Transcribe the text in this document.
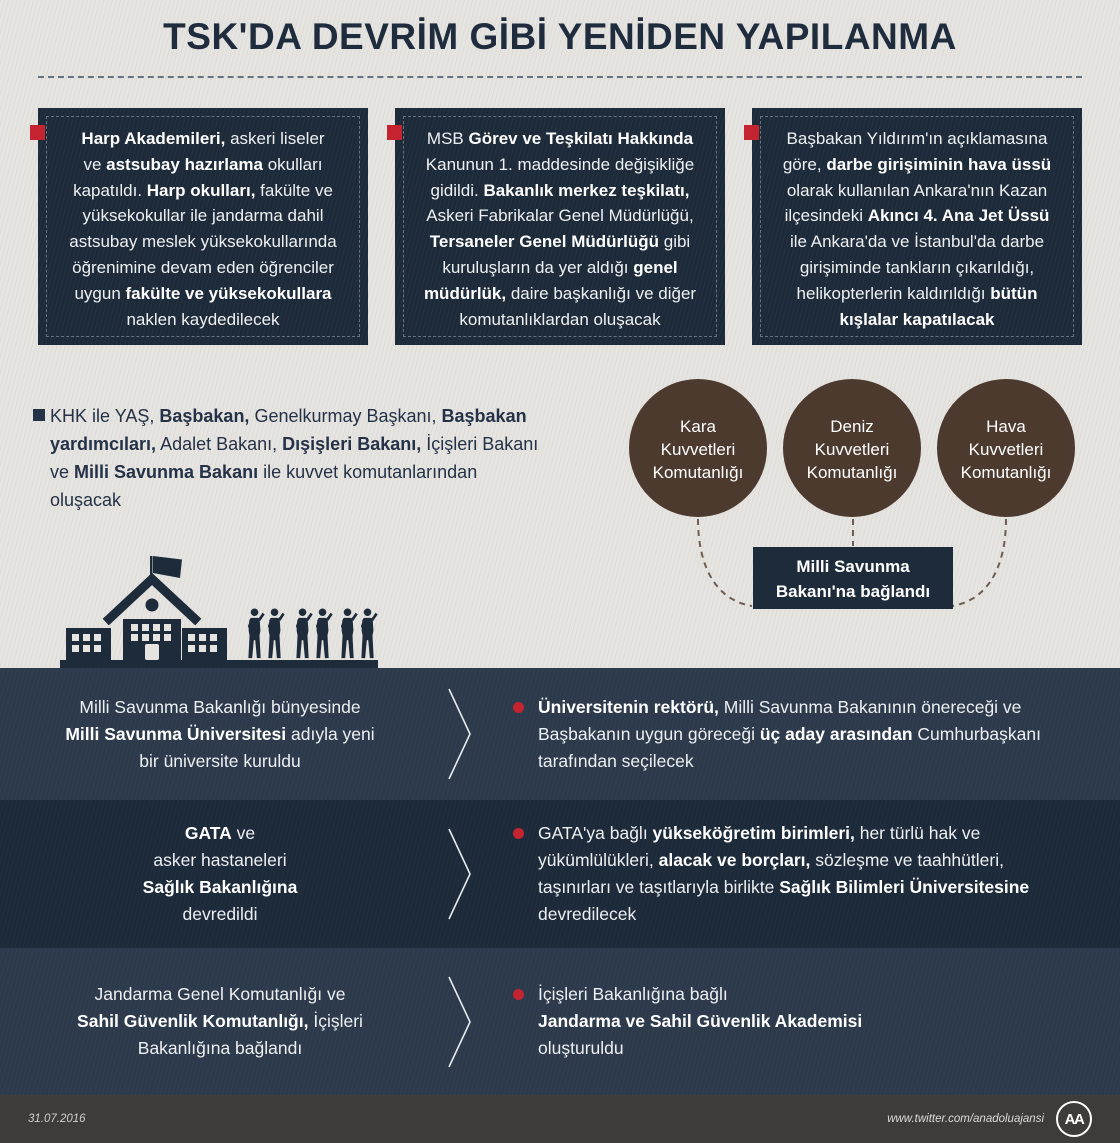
TSK'DA DEVRİM GİBİ YENİDEN YAPILANMA
Harp Akademileri, askeri liseler
ve astsubay hazırlama okulları
kapatıldı. Harp okulları, fakülte ve
yüksekokullar ile jandarma dahil
astsubay meslek yüksekokullarında
öğrenimine devam eden öğrenciler
uygun fakülte ve yüksekokullara
naklen kaydedilecek
MSB Görev ve Teşkilatı Hakkında
Kanunun 1. maddesinde değişikliğe
gidildi. Bakanlık merkez teşkilatı,
Askeri Fabrikalar Genel Müdürlüğü,
Tersaneler Genel Müdürlüğü gibi
kuruluşların da yer aldığı genel
müdürlük, daire başkanlığı ve diğer
komutanlıklardan oluşacak
Başbakan Yıldırım'ın açıklamasına
göre, darbe girişiminin hava üssü
olarak kullanılan Ankara'nın Kazan
ilçesindeki Akıncı 4. Ana Jet Üssü
ile Ankara'da ve İstanbul'da darbe
girişiminde tankların çıkarıldığı,
helikopterlerin kaldırıldığı bütün
kışlalar kapatılacak
KHK ile YAŞ, Başbakan, Genelkurmay Başkanı, Başbakan
yardımcıları, Adalet Bakanı, Dışişleri Bakanı, İçişleri Bakanı
ve Milli Savunma Bakanı ile kuvvet komutanlarından
oluşacak
Kara
Kuvvetleri
Komutanlığı
Deniz
Kuvvetleri
Komutanlığı
Hava
Kuvvetleri
Komutanlığı
Milli Savunma
Bakanı'na bağlandı
Milli Savunma Bakanlığı bünyesinde
Milli Savunma Üniversitesi adıyla yeni
bir üniversite kuruldu
Üniversitenin rektörü, Milli Savunma Bakanının önereceği ve
Başbakanın uygun göreceği üç aday arasından Cumhurbaşkanı
tarafından seçilecek
GATA ve
asker hastaneleri
Sağlık Bakanlığına
devredildi
GATA'ya bağlı yükseköğretim birimleri, her türlü hak ve
yükümlülükleri, alacak ve borçları, sözleşme ve taahhütleri,
taşınırları ve taşıtlarıyla birlikte Sağlık Bilimleri Üniversitesine
devredilecek
Jandarma Genel Komutanlığı ve
Sahil Güvenlik Komutanlığı, İçişleri
Bakanlığına bağlandı
İçişleri Bakanlığına bağlı
Jandarma ve Sahil Güvenlik Akademisi
oluşturuldu
31.07.2016	www.twitter.com/anadoluajansi	AA
